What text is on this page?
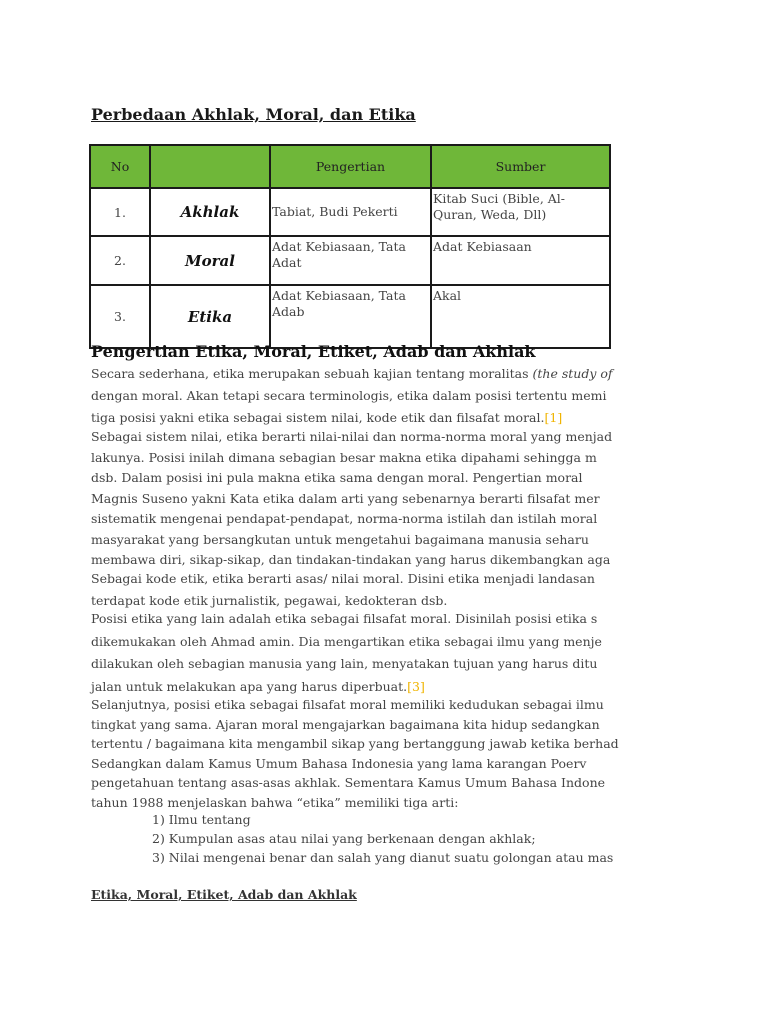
Perbedaan Akhlak, Moral, dan Etika
No		Pengertian	Sumber
1.	Akhlak	Tabiat, Budi Pekerti	Kitab Suci (Bible, Al-Quran, Weda, Dll)
2.	Moral	Adat Kebiasaan, Tata Adat	Adat Kebiasaan
3.	Etika	Adat Kebiasaan, Tata Adab	Akal
Pengertian Etika, Moral, Etiket, Adab dan Akhlak

Secara sederhana, etika merupakan sebuah kajian tentang moralitas (the study of
dengan moral. Akan tetapi secara terminologis, etika dalam posisi tertentu memi
tiga posisi yakni etika sebagai sistem nilai, kode etik dan filsafat moral.[1]

Sebagai sistem nilai, etika berarti nilai-nilai dan norma-norma moral yang menjad
lakunya. Posisi inilah dimana sebagian besar makna etika dipahami sehingga m
dsb. Dalam posisi ini pula makna etika sama dengan moral. Pengertian moral
Magnis Suseno yakni Kata etika dalam arti yang sebenarnya berarti filsafat mer
sistematik mengenai pendapat-pendapat, norma-norma istilah dan istilah moral
masyarakat yang bersangkutan untuk mengetahui bagaimana manusia seharu
membawa diri, sikap-sikap, dan tindakan-tindakan yang harus dikembangkan aga

Sebagai kode etik, etika berarti asas/ nilai moral. Disini etika menjadi landasan
terdapat kode etik jurnalistik, pegawai, kedokteran dsb.

Posisi etika yang lain adalah etika sebagai filsafat moral. Disinilah posisi etika s
dikemukakan oleh Ahmad amin. Dia mengartikan etika sebagai ilmu yang menje
dilakukan oleh sebagian manusia yang lain, menyatakan tujuan yang harus ditu
jalan untuk melakukan apa yang harus diperbuat.[3]

Selanjutnya, posisi etika sebagai filsafat moral memiliki kedudukan sebagai ilmu
tingkat yang sama. Ajaran moral mengajarkan bagaimana kita hidup sedangkan
tertentu / bagaimana kita mengambil sikap yang bertanggung jawab ketika berhad
Sedangkan dalam Kamus Umum Bahasa Indonesia yang lama karangan Poerv
pengetahuan tentang asas-asas akhlak. Sementara Kamus Umum Bahasa Indone
tahun 1988 menjelaskan bahwa “etika” memiliki tiga arti:

1) Ilmu tentang
2) Kumpulan asas atau nilai yang berkenaan dengan akhlak;
3) Nilai mengenai benar dan salah yang dianut suatu golongan atau mas
Etika, Moral, Etiket, Adab dan Akhlak
